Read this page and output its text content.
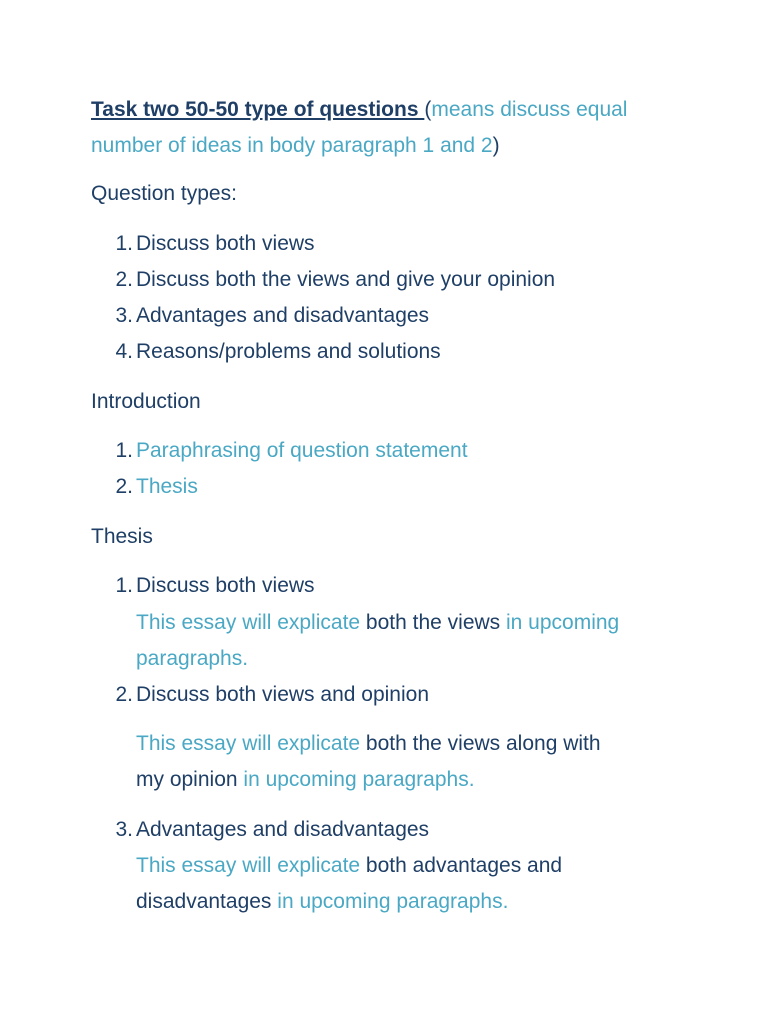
Task two 50-50 type of questions (means discuss equal
number of ideas in body paragraph 1 and 2)
Question types:
1. Discuss both views
2. Discuss both the views and give your opinion
3. Advantages and disadvantages
4. Reasons/problems and solutions
Introduction
1. Paraphrasing of question statement
2. Thesis
Thesis
1. Discuss both views
This essay will explicate both the views in upcoming
paragraphs.
2. Discuss both views and opinion
This essay will explicate both the views along with
my opinion in upcoming paragraphs.
3. Advantages and disadvantages
This essay will explicate both advantages and
disadvantages in upcoming paragraphs.
